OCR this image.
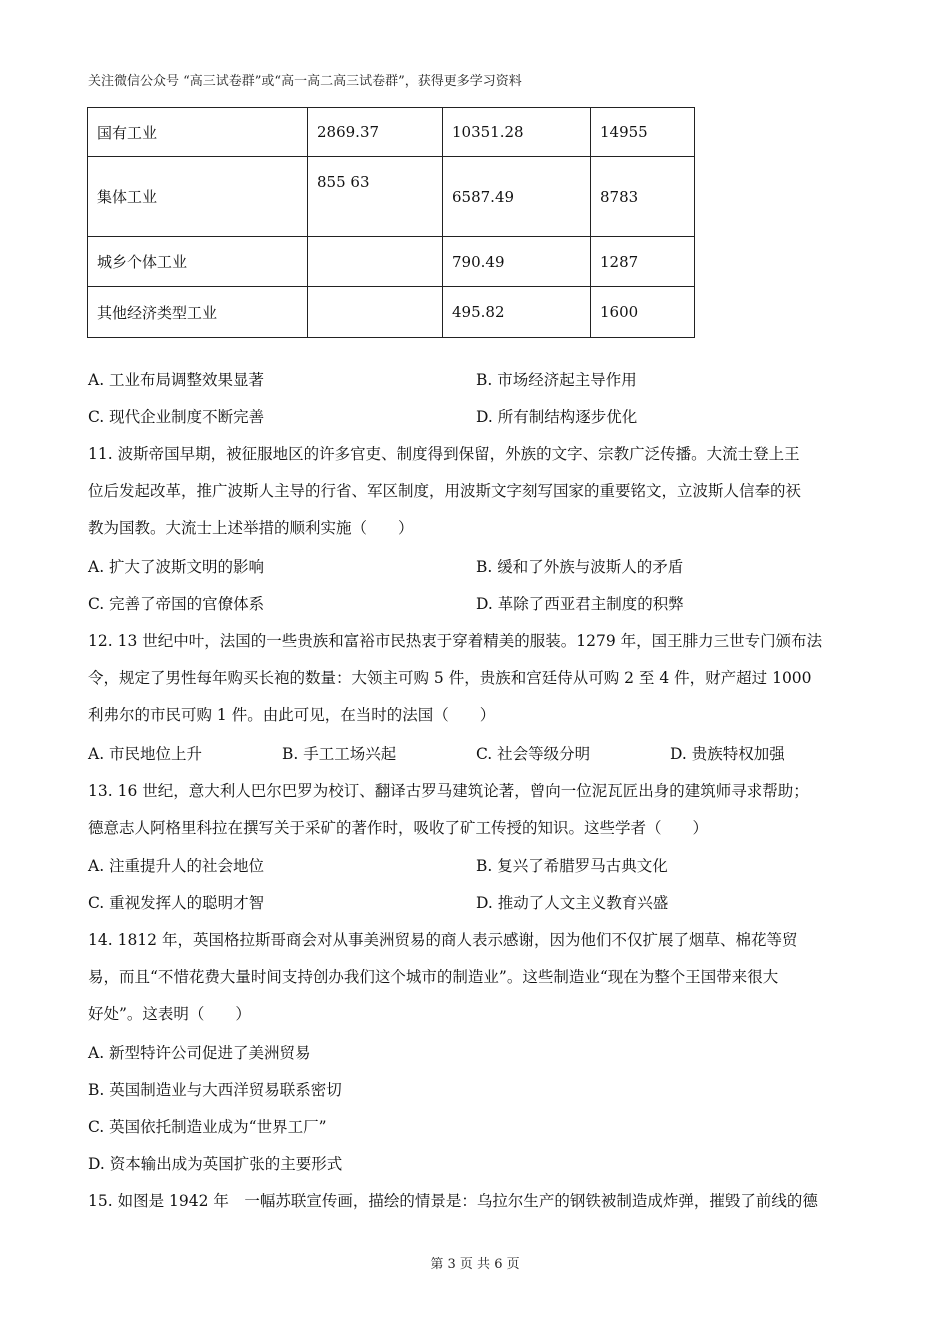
关注微信公众号 “高三试卷群”或“高一高二高三试卷群”，获得更多学习资料
国有工业	2869.37	10351.28	14955
集体工业	855 63	6587.49	8783
城乡个体工业		790.49	1287
其他经济类型工业		495.82	1600
A. 工业布局调整效果显著	B. 市场经济起主导作用
C. 现代企业制度不断完善	D. 所有制结构逐步优化
11. 波斯帝国早期，被征服地区的许多官吏、制度得到保留，外族的文字、宗教广泛传播。大流士登上王
位后发起改革，推广波斯人主导的行省、军区制度，用波斯文字刻写国家的重要铭文，立波斯人信奉的祆
教为国教。大流士上述举措的顺利实施（　　）
A. 扩大了波斯文明的影响	B. 缓和了外族与波斯人的矛盾
C. 完善了帝国的官僚体系	D. 革除了西亚君主制度的积弊
12. 13 世纪中叶，法国的一些贵族和富裕市民热衷于穿着精美的服装。1279 年，国王腓力三世专门颁布法
令，规定了男性每年购买长袍的数量：大领主可购 5 件，贵族和宫廷侍从可购 2 至 4 件，财产超过 1000
利弗尔的市民可购 1 件。由此可见，在当时的法国（　　）
A. 市民地位上升	B. 手工工场兴起	C. 社会等级分明	D. 贵族特权加强
13. 16 世纪，意大利人巴尔巴罗为校订、翻译古罗马建筑论著，曾向一位泥瓦匠出身的建筑师寻求帮助；
德意志人阿格里科拉在撰写关于采矿的著作时，吸收了矿工传授的知识。这些学者（　　）
A. 注重提升人的社会地位	B. 复兴了希腊罗马古典文化
C. 重视发挥人的聪明才智	D. 推动了人文主义教育兴盛
14. 1812 年，英国格拉斯哥商会对从事美洲贸易的商人表示感谢，因为他们不仅扩展了烟草、棉花等贸
易，而且“不惜花费大量时间支持创办我们这个城市的制造业”。这些制造业“现在为整个王国带来很大
好处”。这表明（　　）
A. 新型特许公司促进了美洲贸易
B. 英国制造业与大西洋贸易联系密切
C. 英国依托制造业成为“世界工厂”
D. 资本输出成为英国扩张的主要形式
15. 如图是 1942 年　一幅苏联宣传画，描绘的情景是：乌拉尔生产的钢铁被制造成炸弹，摧毁了前线的德
第 3 页 共 6 页
